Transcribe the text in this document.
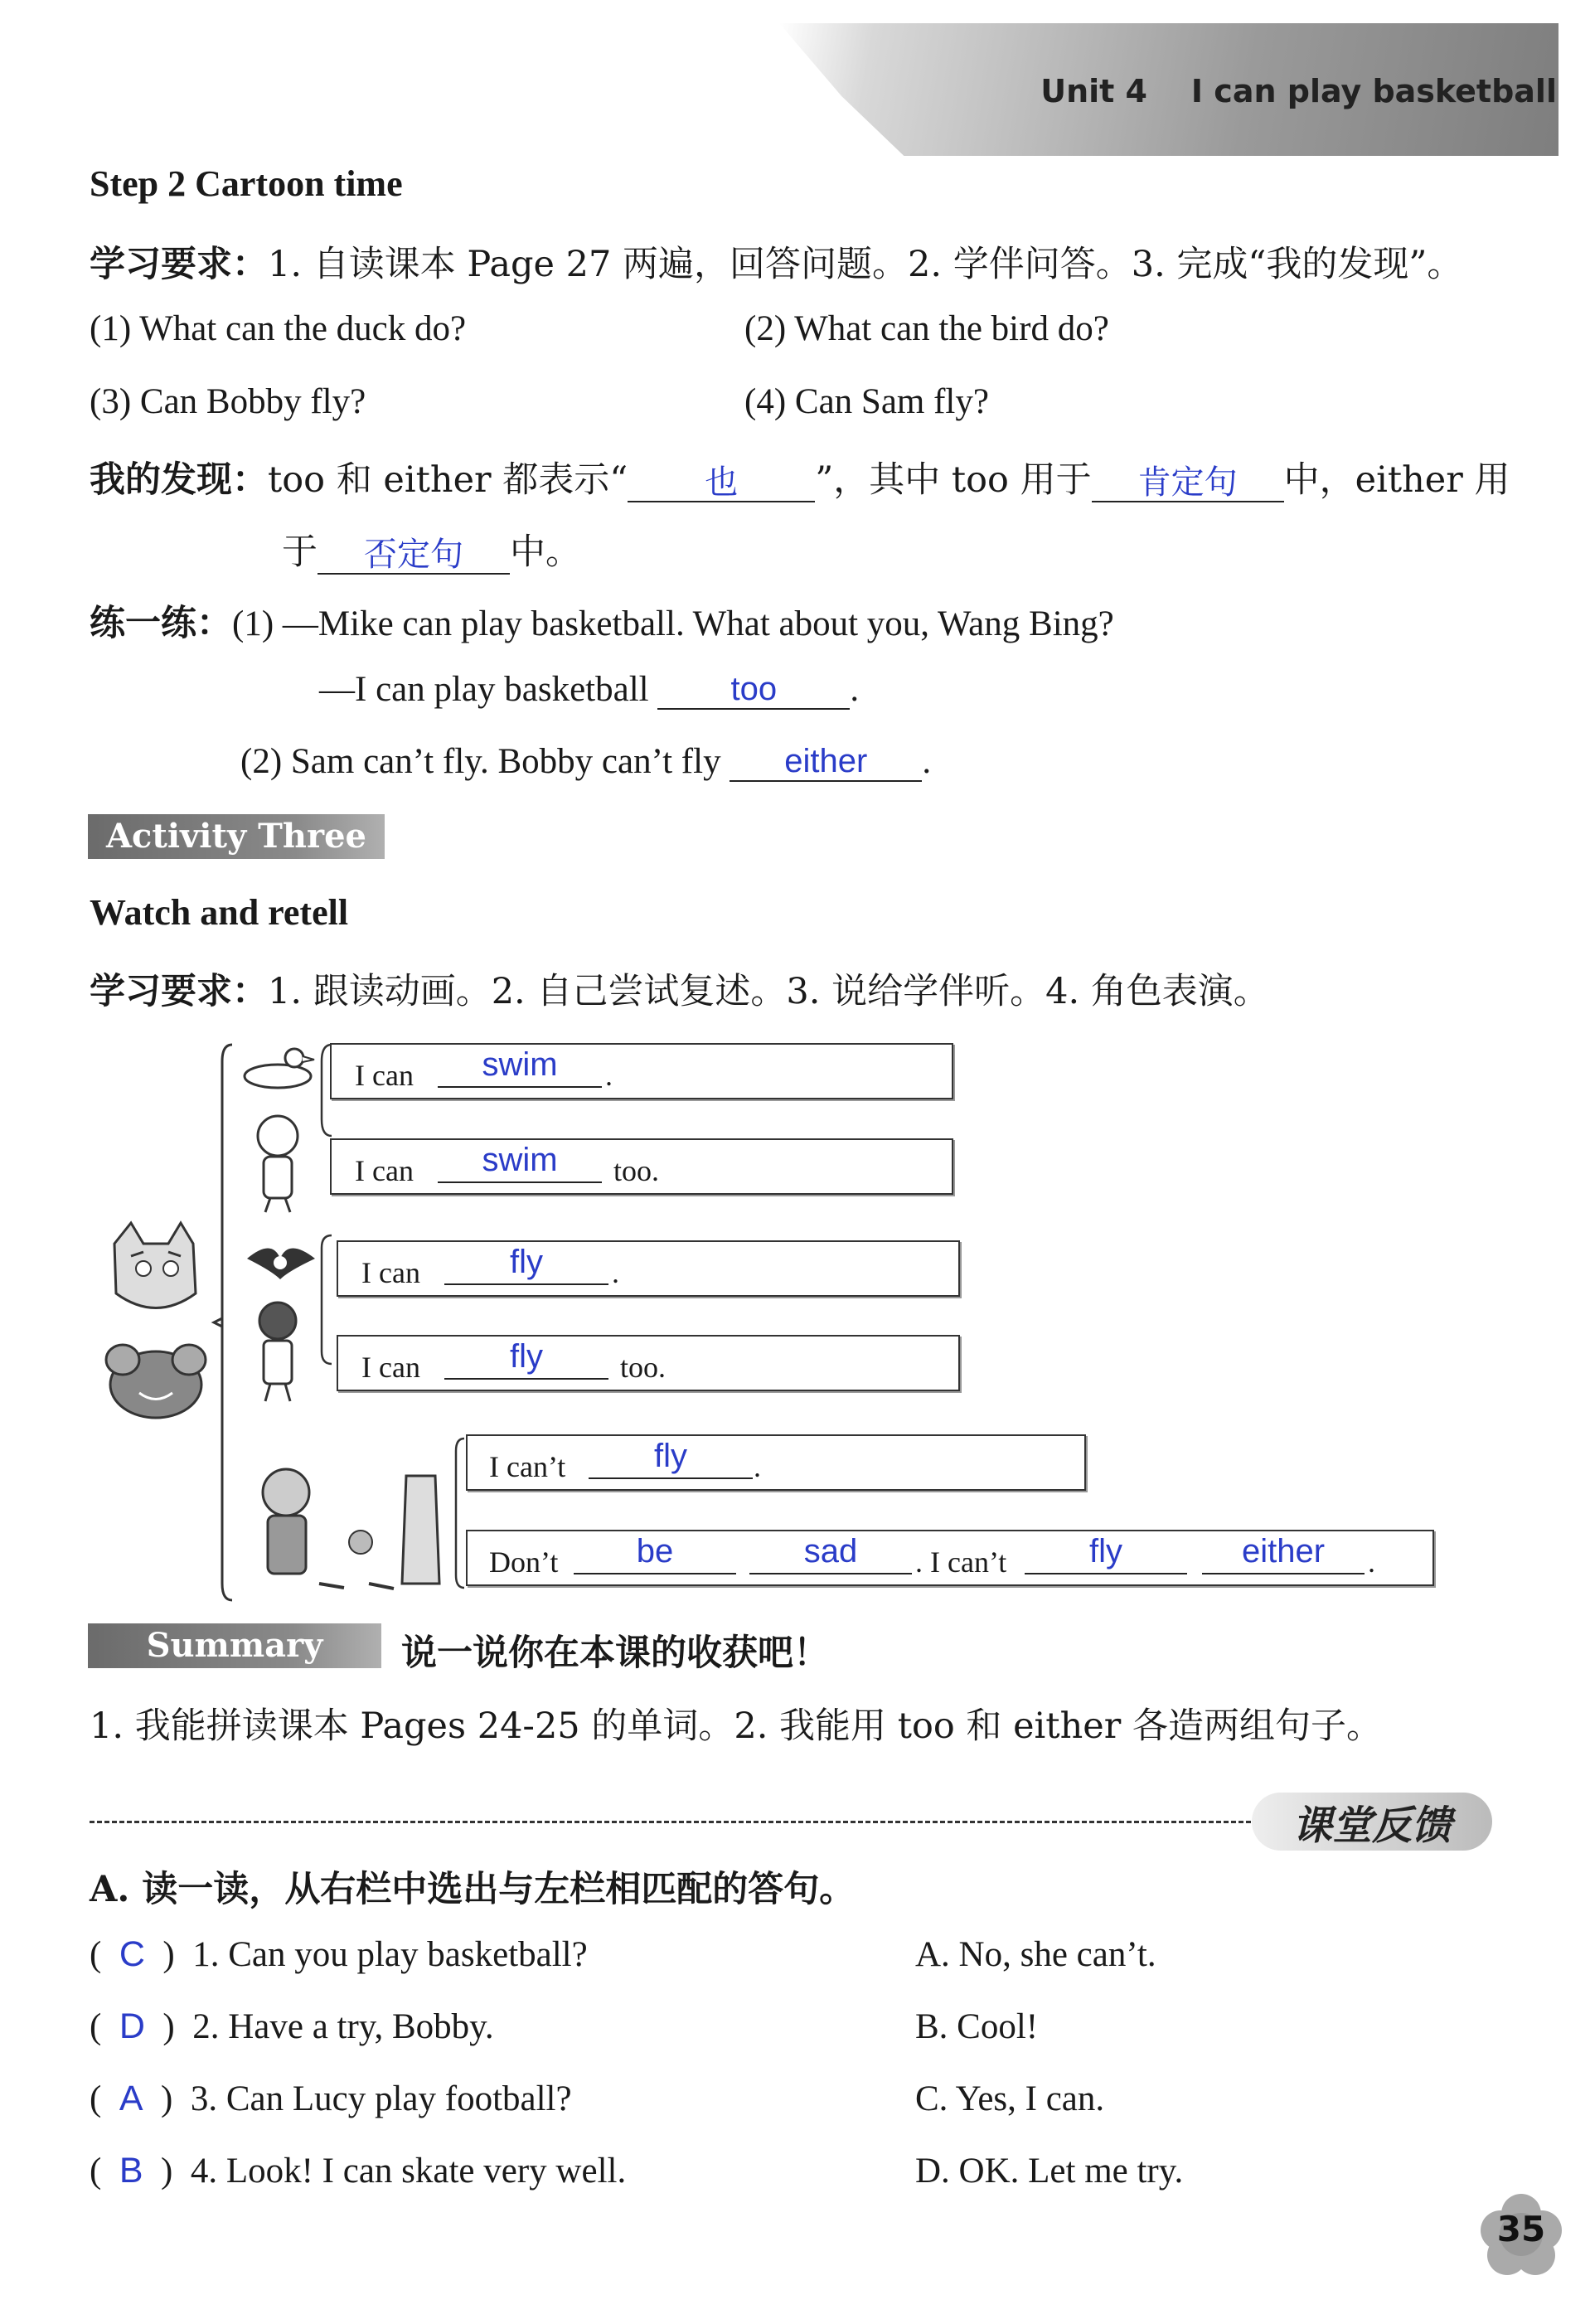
Unit 4 I can play basketball
Step 2 Cartoon time
学习要求：1. 自读课本 Page 27 两遍，回答问题。2. 学伴问答。3. 完成“我的发现”。
(1) What can the duck do?	(2) What can the bird do?
(3) Can Bobby fly?	(4) Can Sam fly?
我的发现：too 和 either 都表示“ 也 ”，其中 too 用于 肯定句 中，either 用
于 否定句 中。
练一练：(1) —Mike can play basketball. What about you, Wang Bing?
—I can play basketball too .
(2) Sam can’t fly. Bobby can’t fly either .
Activity Three
Watch and retell
学习要求：1. 跟读动画。2. 自己尝试复述。3. 说给学伴听。4. 角色表演。
I can	swim	.
I can	swim	too.
I can	fly	.
I can	fly	too.
I can’t	fly	.
Don’t	be	sad	. I can’t	fly	either	.
Summary	说一说你在本课的收获吧！
1. 我能拼读课本 Pages 24-25 的单词。2. 我能用 too 和 either 各造两组句子。
课堂反馈
A. 读一读，从右栏中选出与左栏相匹配的答句。
(  C  )  1. Can you play basketball?	A. No, she can’t.
(  D  )  2. Have a try, Bobby.	B. Cool!
(  A  )  3. Can Lucy play football?	C. Yes, I can.
(  B  )  4. Look! I can skate very well.	D. OK. Let me try.
35
